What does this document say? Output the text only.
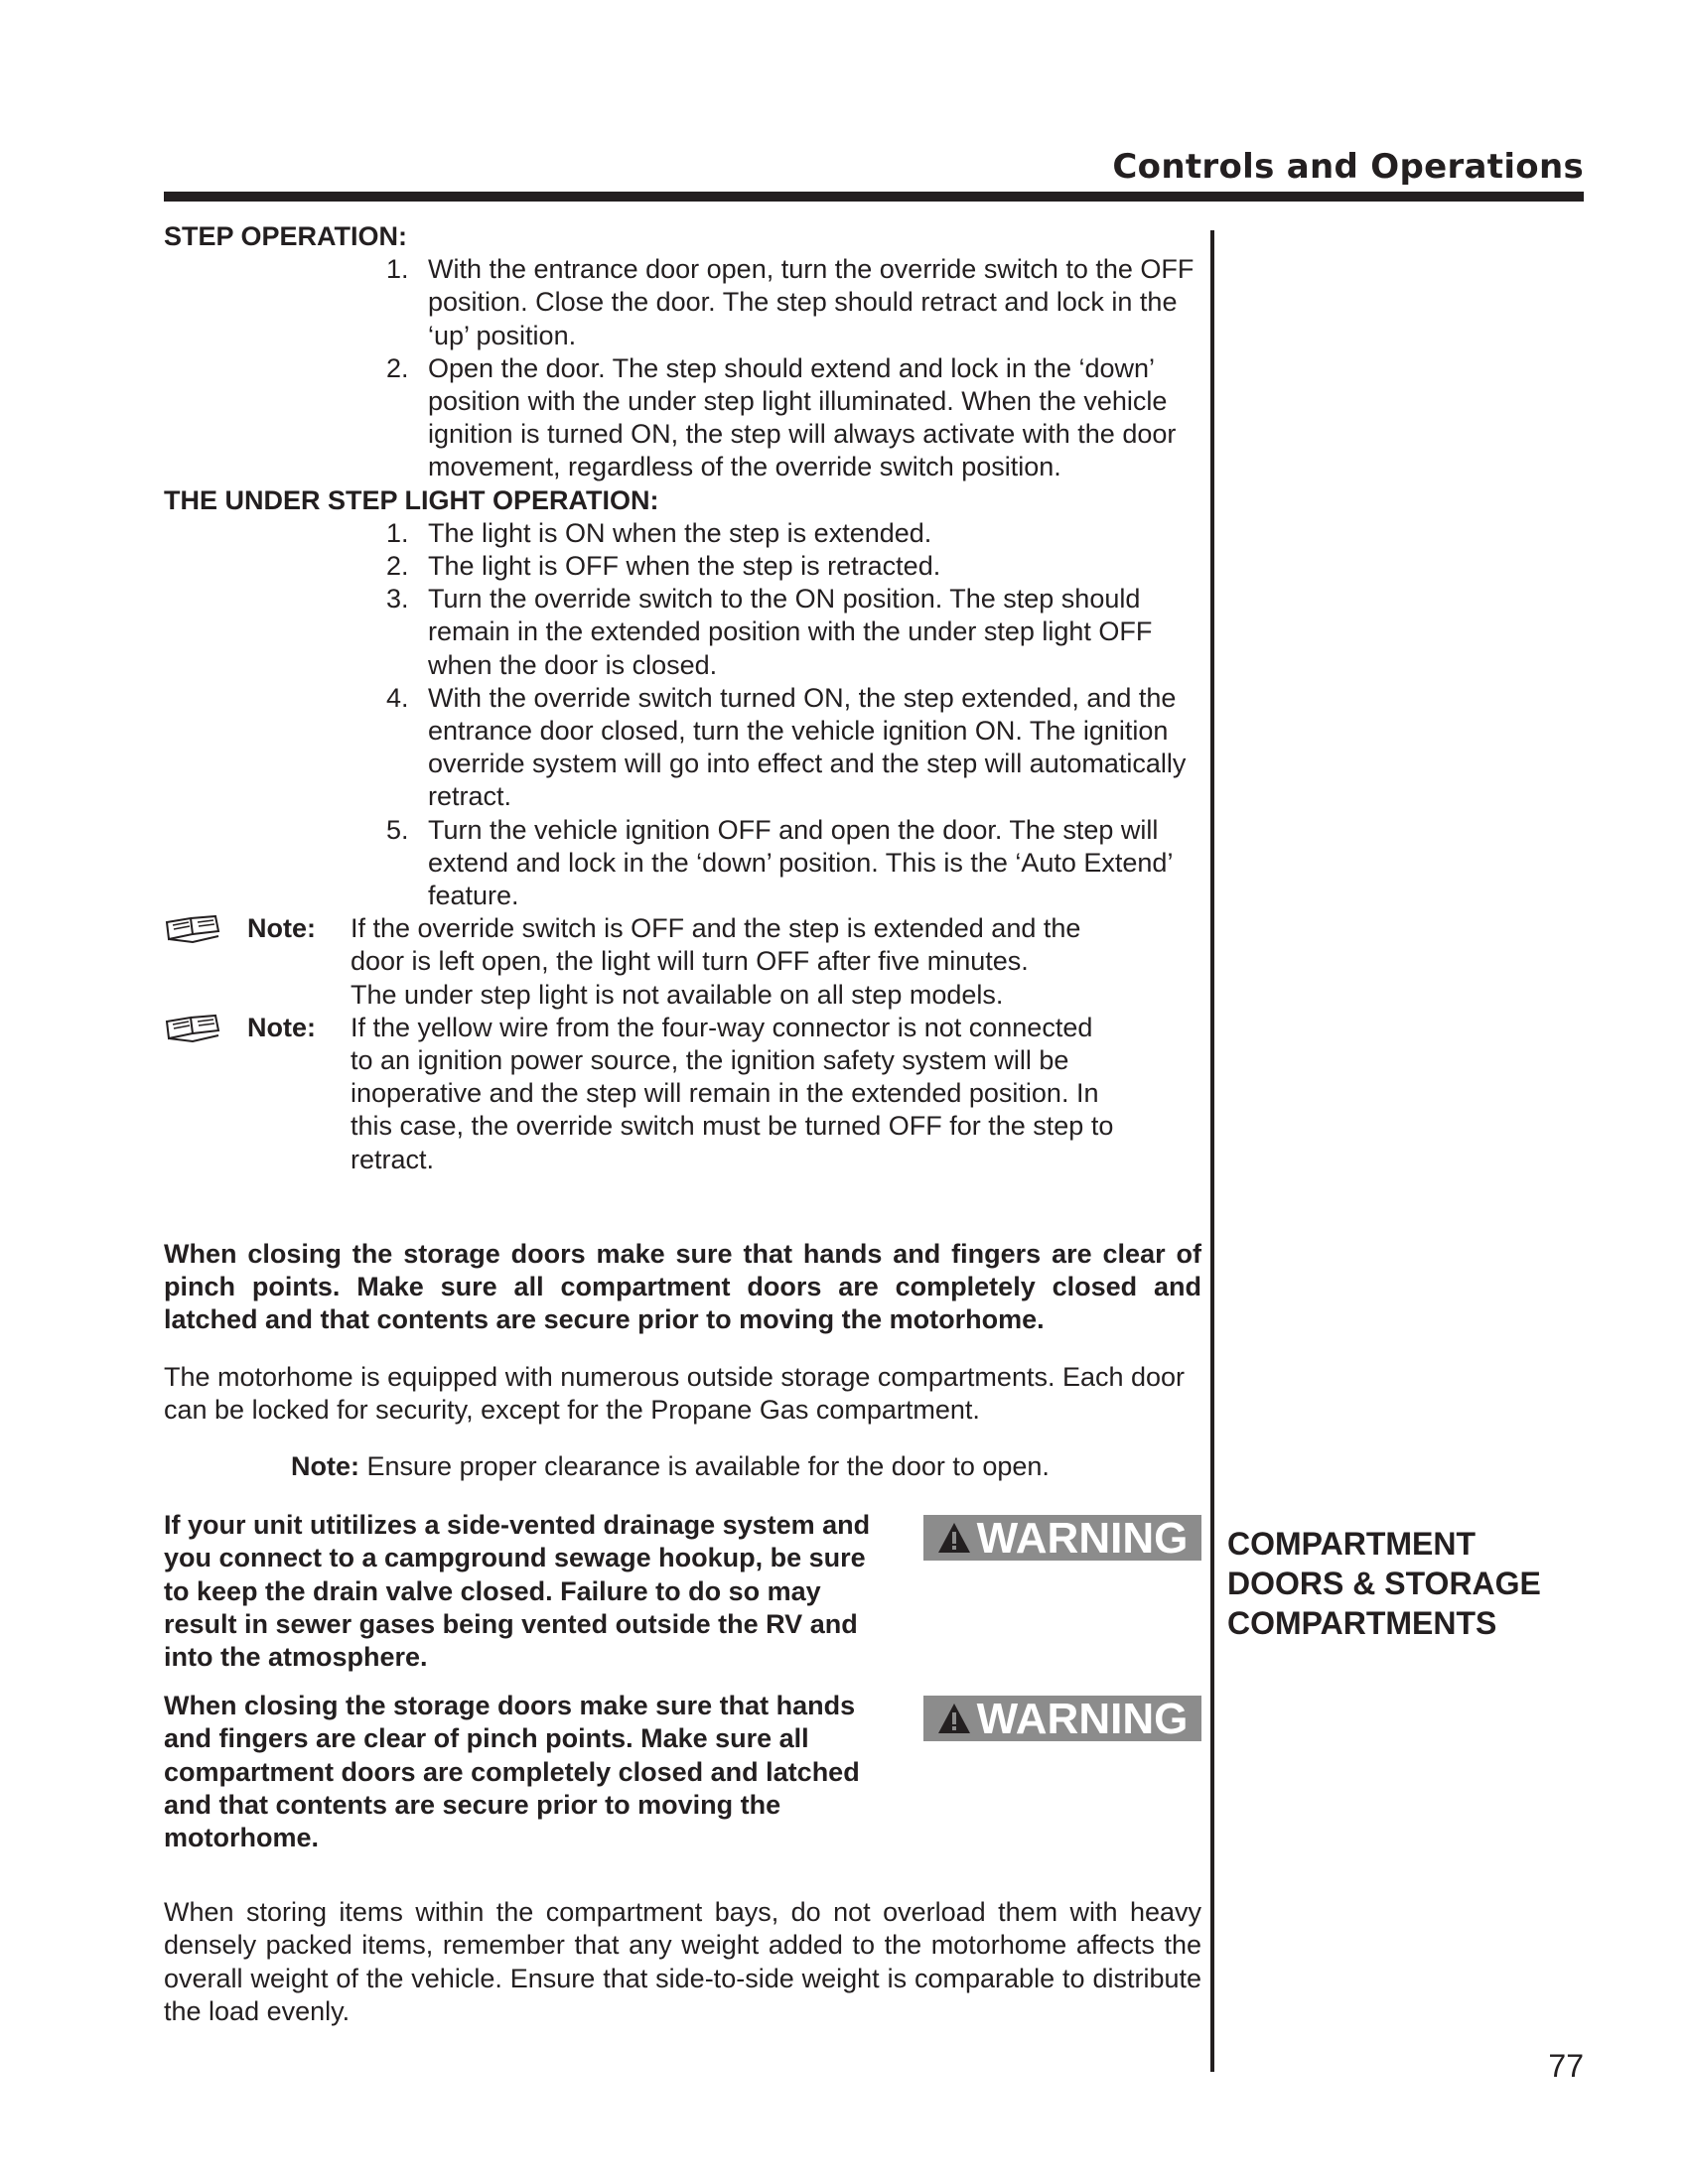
Controls and Operations

STEP OPERATION:

1. With the entrance door open, turn the override switch to the OFF position. Close the door. The step should retract and lock in the ‘up’ position.
2. Open the door. The step should extend and lock in the ‘down’ position with the under step light illuminated. When the vehicle ignition is turned ON, the step will always activate with the door movement, regardless of the override switch position.

THE UNDER STEP LIGHT OPERATION:

1. The light is ON when the step is extended.
2. The light is OFF when the step is retracted.
3. Turn the override switch to the ON position. The step should remain in the extended position with the under step light OFF when the door is closed.
4. With the override switch turned ON, the step extended, and the entrance door closed, turn the vehicle ignition ON. The ignition override system will go into effect and the step will automatically retract.
5. Turn the vehicle ignition OFF and open the door. The step will extend and lock in the ‘down’ position. This is the ‘Auto Extend’ feature.
Note:	If the override switch is OFF and the step is extended and the door is left open, the light will turn OFF after five minutes.

The under step light is not available on all step models.

Note:	If the yellow wire from the four-way connector is not connected to an ignition power source, the ignition safety system will be inoperative and the step will remain in the extended position. In this case, the override switch must be turned OFF for the step to retract.

When closing the storage doors make sure that hands and fingers are clear of pinch points. Make sure all compartment doors are completely closed and latched and that contents are secure prior to moving the motorhome.

The motorhome is equipped with numerous outside storage compartments. Each door can be locked for security, except for the Propane Gas compartment.

Note: Ensure proper clearance is available for the door to open.

If your unit utitilizes a side-vented drainage system and you connect to a campground sewage hookup, be sure to keep the drain valve closed. Failure to do so may result in sewer gases being vented outside the RV and into the atmosphere.

WARNING

When closing the storage doors make sure that hands and fingers are clear of pinch points. Make sure all compartment doors are completely closed and latched and that contents are secure prior to moving the motorhome.

WARNING

When storing items within the compartment bays, do not overload them with heavy densely packed items, remember that any weight added to the motorhome affects the overall weight of the vehicle. Ensure that side-to-side weight is comparable to distribute the load evenly.

COMPARTMENT DOORS & STORAGE COMPARTMENTS
77
